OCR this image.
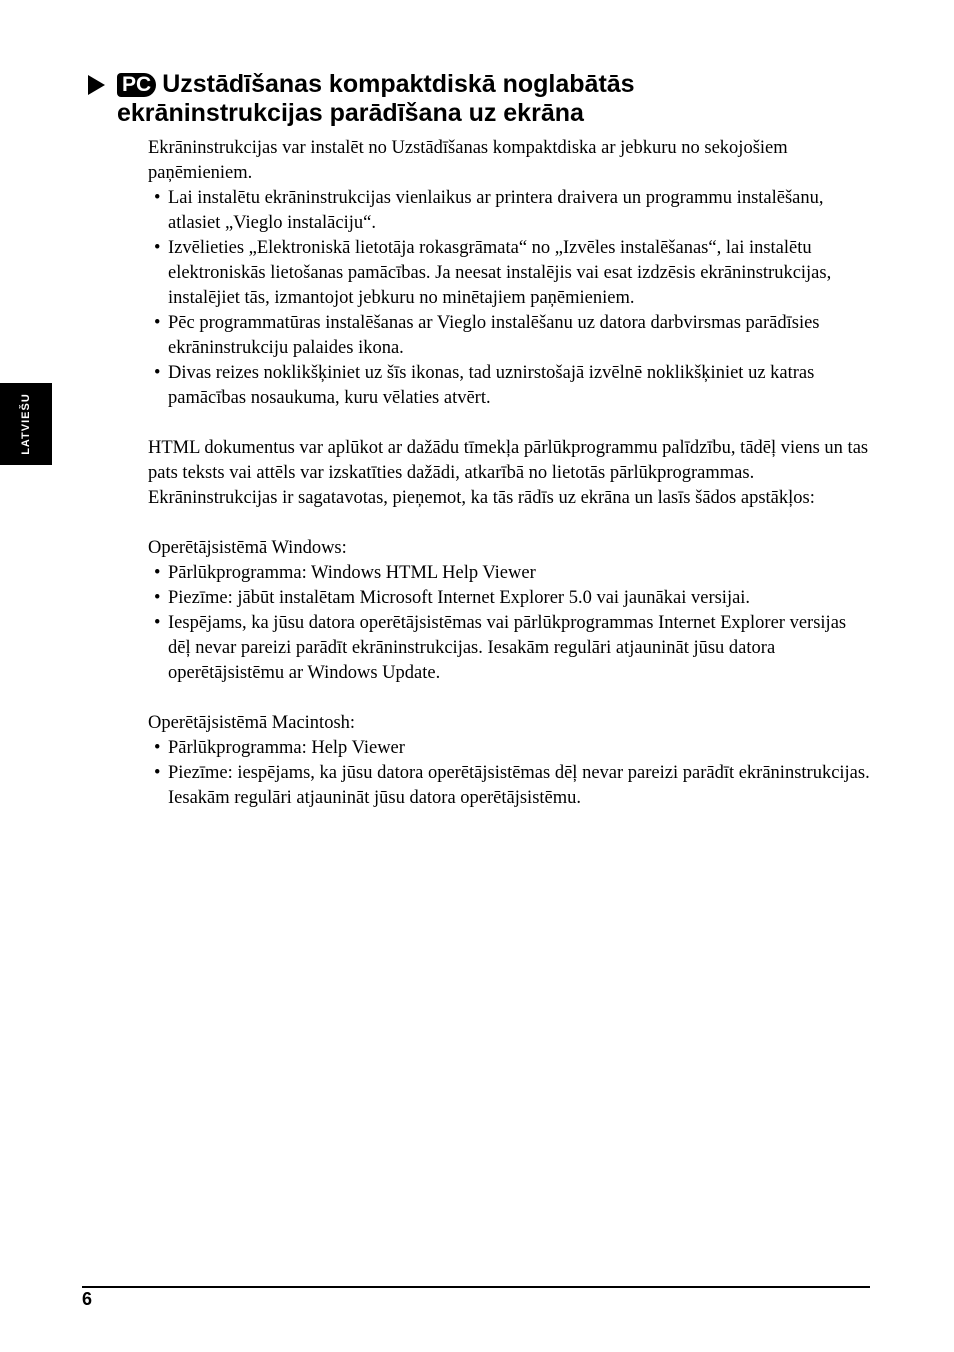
LATVIEŠU
PC Uzstādīšanas kompaktdiskā noglabātās
ekrāninstrukcijas parādīšana uz ekrāna

Ekrāninstrukcijas var instalēt no Uzstādīšanas kompaktdiska ar jebkuru no sekojošiem paņēmieniem.

• Lai instalētu ekrāninstrukcijas vienlaikus ar printera draivera un programmu instalēšanu, atlasiet „Vieglo instalāciju“.
• Izvēlieties „Elektroniskā lietotāja rokasgrāmata“ no „Izvēles instalēšanas“, lai instalētu elektroniskās lietošanas pamācības. Ja neesat instalējis vai esat izdzēsis ekrāninstrukcijas, instalējiet tās, izmantojot jebkuru no minētajiem paņēmieniem.
• Pēc programmatūras instalēšanas ar Vieglo instalēšanu uz datora darbvirsmas parādīsies ekrāninstrukciju palaides ikona.
• Divas reizes noklikšķiniet uz šīs ikonas, tad uznirstošajā izvēlnē noklikšķiniet uz katras pamācības nosaukuma, kuru vēlaties atvērt.

HTML dokumentus var aplūkot ar dažādu tīmekļa pārlūkprogrammu palīdzību, tādēļ viens un tas pats teksts vai attēls var izskatīties dažādi, atkarībā no lietotās pārlūkprogrammas. Ekrāninstrukcijas ir sagatavotas, pieņemot, ka tās rādīs uz ekrāna un lasīs šādos apstākļos:

Operētājsistēmā Windows:

• Pārlūkprogramma: Windows HTML Help Viewer
• Piezīme: jābūt instalētam Microsoft Internet Explorer 5.0 vai jaunākai versijai.
• Iespējams, ka jūsu datora operētājsistēmas vai pārlūkprogrammas Internet Explorer versijas dēļ nevar pareizi parādīt ekrāninstrukcijas. Iesakām regulāri atjaunināt jūsu datora operētājsistēmu ar Windows Update.

Operētājsistēmā Macintosh:

• Pārlūkprogramma: Help Viewer
• Piezīme: iespējams, ka jūsu datora operētājsistēmas dēļ nevar pareizi parādīt ekrāninstrukcijas. Iesakām regulāri atjaunināt jūsu datora operētājsistēmu.
6
